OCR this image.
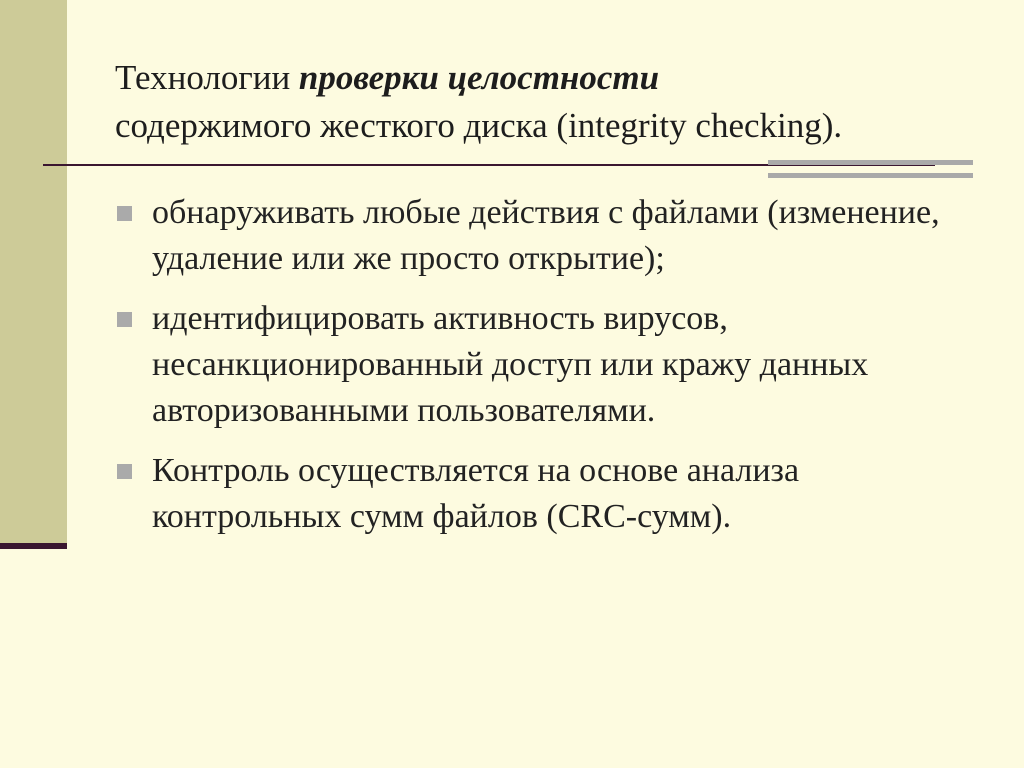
Технологии проверки целостности
содержимого жесткого диска (integrity checking).
обнаруживать любые действия с файлами (изменение, удаление или же просто открытие);
идентифицировать активность вирусов, несанкционированный доступ или кражу данных авторизованными пользователями.
Контроль осуществляется на основе анализа контрольных сумм файлов (CRC-сумм).
